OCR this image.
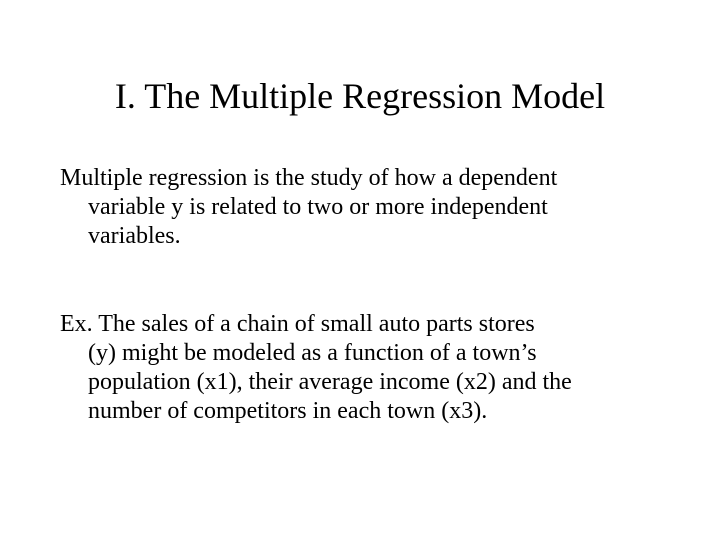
I. The Multiple Regression Model

Multiple regression is the study of how a dependent
variable y is related to two or more independent
variables.

Ex. The sales of a chain of small auto parts stores
(y) might be modeled as a function of a town’s
population (x1), their average income (x2) and the
number of competitors in each town (x3).
